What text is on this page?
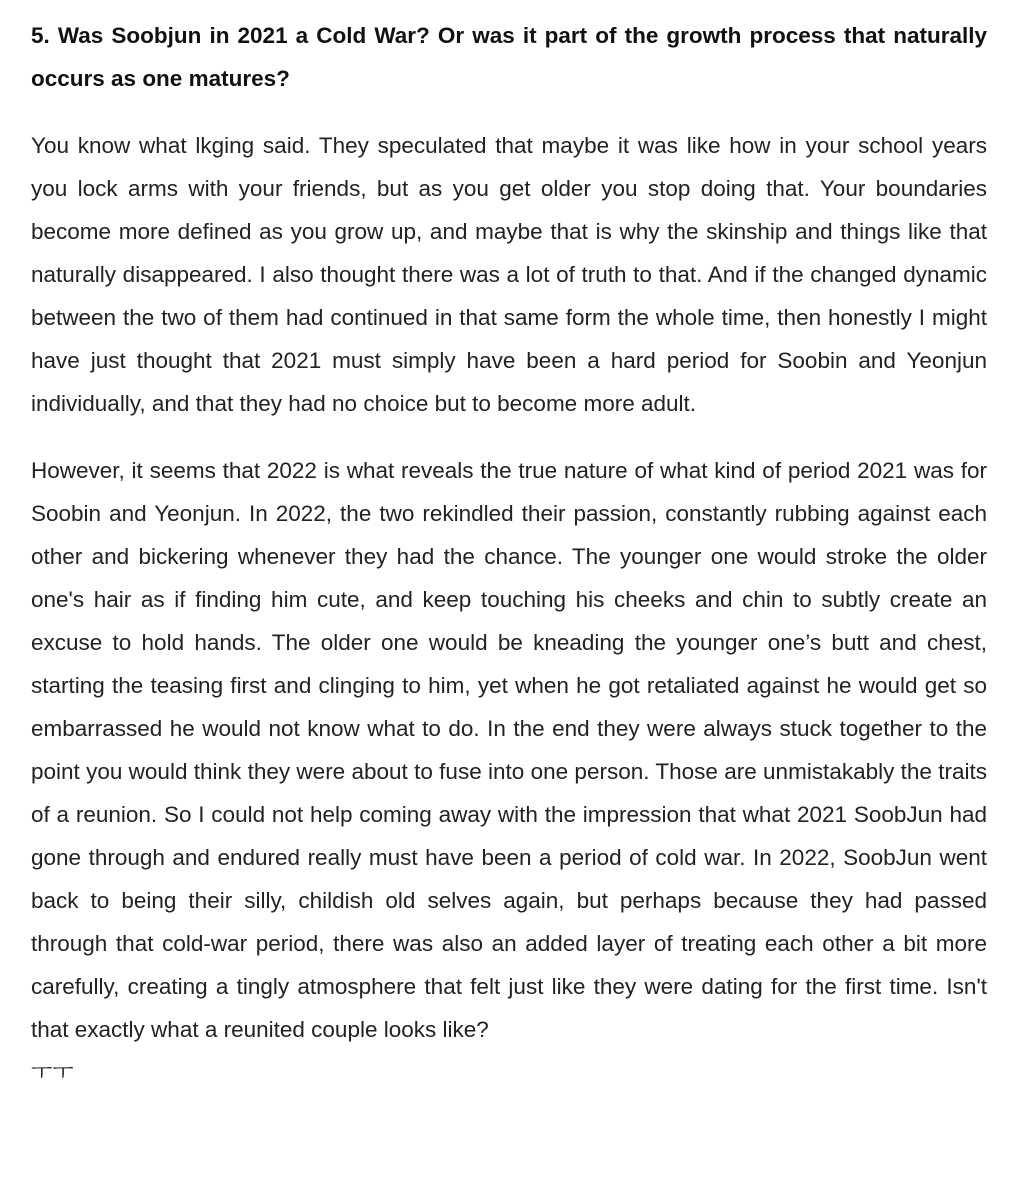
5. Was Soobjun in 2021 a Cold War? Or was it part of the growth process that naturally occurs as one matures?

You know what lkging said. They speculated that maybe it was like how in your school years you lock arms with your friends, but as you get older you stop doing that. Your boundaries become more defined as you grow up, and maybe that is why the skinship and things like that naturally disappeared. I also thought there was a lot of truth to that. And if the changed dynamic between the two of them had continued in that same form the whole time, then honestly I might have just thought that 2021 must simply have been a hard period for Soobin and Yeonjun individually, and that they had no choice but to become more adult.

However, it seems that 2022 is what reveals the true nature of what kind of period 2021 was for Soobin and Yeonjun. In 2022, the two rekindled their passion, constantly rubbing against each other and bickering whenever they had the chance. The younger one would stroke the older one's hair as if finding him cute, and keep touching his cheeks and chin to subtly create an excuse to hold hands. The older one would be kneading the younger one’s butt and chest, starting the teasing first and clinging to him, yet when he got retaliated against he would get so embarrassed he would not know what to do. In the end they were always stuck together to the point you would think they were about to fuse into one person. Those are unmistakably the traits of a reunion. So I could not help coming away with the impression that what 2021 SoobJun had gone through and endured really must have been a period of cold war. In 2022, SoobJun went back to being their silly, childish old selves again, but perhaps because they had passed through that cold-war period, there was also an added layer of treating each other a bit more carefully, creating a tingly atmosphere that felt just like they were dating for the first time. Isn't that exactly what a reunited couple looks like?

ㅜㅜ
